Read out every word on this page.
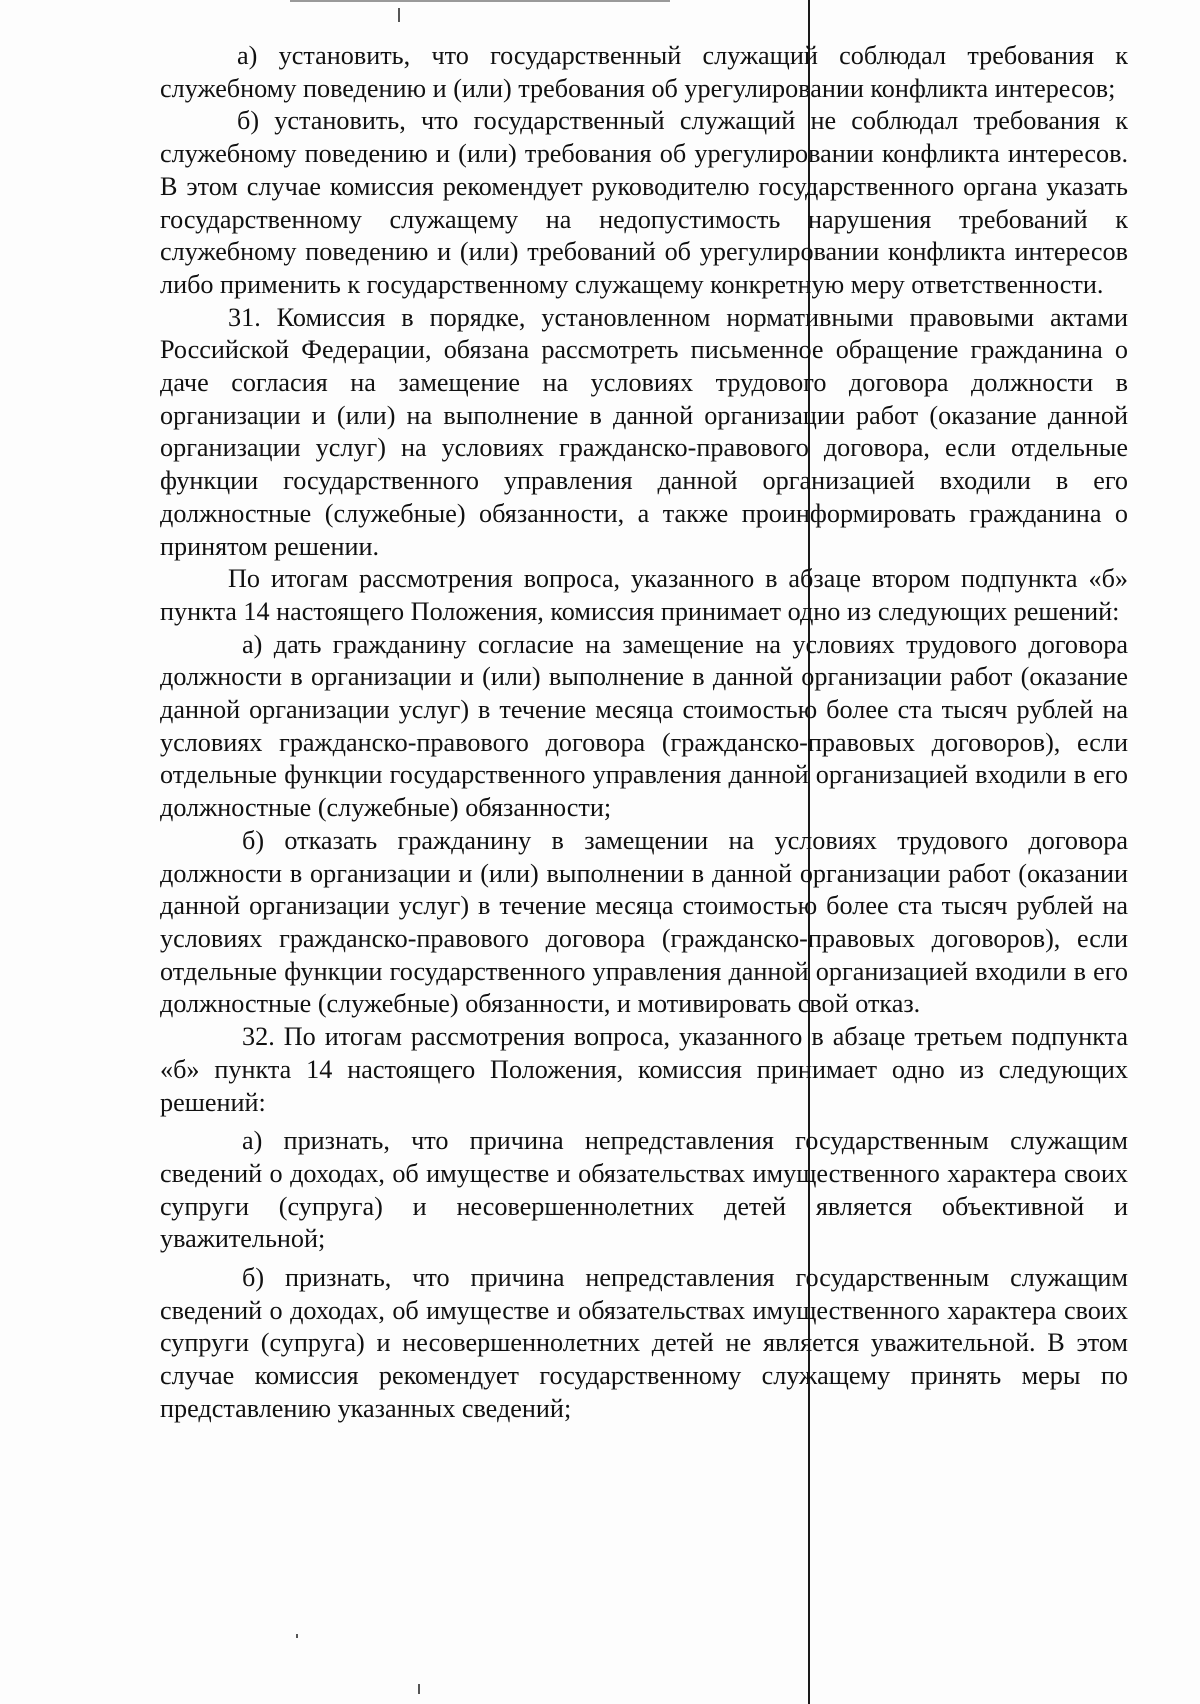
а) установить, что государственный служащий соблюдал требования к служебному поведению и (или) требования об урегулировании конфликта интересов;

б) установить, что государственный служащий не соблюдал требования к служебному поведению и (или) требования об урегулировании конфликта интересов. В этом случае комиссия рекомендует руководителю государственного органа указать государственному служащему на недопустимость нарушения требований к служебному поведению и (или) требований об урегулировании конфликта интересов либо применить к государственному служащему конкретную меру ответственности.

31. Комиссия в порядке, установленном нормативными правовыми актами Российской Федерации, обязана рассмотреть письменное обращение гражданина о даче согласия на замещение на условиях трудового договора должности в организации и (или) на выполнение в данной организации работ (оказание данной организации услуг) на условиях гражданско-правового договора, если отдельные функции государственного управления данной организацией входили в его должностные (служебные) обязанности, а также проинформировать гражданина о принятом решении.

По итогам рассмотрения вопроса, указанного в абзаце втором подпункта «б» пункта 14 настоящего Положения, комиссия принимает одно из следующих решений:

а) дать гражданину согласие на замещение на условиях трудового договора должности в организации и (или) выполнение в данной организации работ (оказание данной организации услуг) в течение месяца стоимостью более ста тысяч рублей на условиях гражданско-правового договора (гражданско-правовых договоров), если отдельные функции государственного управления данной организацией входили в его должностные (служебные) обязанности;

б) отказать гражданину в замещении на условиях трудового договора должности в организации и (или) выполнении в данной организации работ (оказании данной организации услуг) в течение месяца стоимостью более ста тысяч рублей на условиях гражданско-правового договора (гражданско-правовых договоров), если отдельные функции государственного управления данной организацией входили в его должностные (служебные) обязанности, и мотивировать свой отказ.

32. По итогам рассмотрения вопроса, указанного в абзаце третьем подпункта «б» пункта 14 настоящего Положения, комиссия принимает одно из следующих решений:

а) признать, что причина непредставления государственным служащим сведений о доходах, об имуществе и обязательствах имущественного характера своих супруги (супруга) и несовершеннолетних детей является объективной и уважительной;

б) признать, что причина непредставления государственным служащим сведений о доходах, об имуществе и обязательствах имущественного характера своих супруги (супруга) и несовершеннолетних детей не является уважительной. В этом случае комиссия рекомендует государственному служащему принять меры по представлению указанных сведений;
